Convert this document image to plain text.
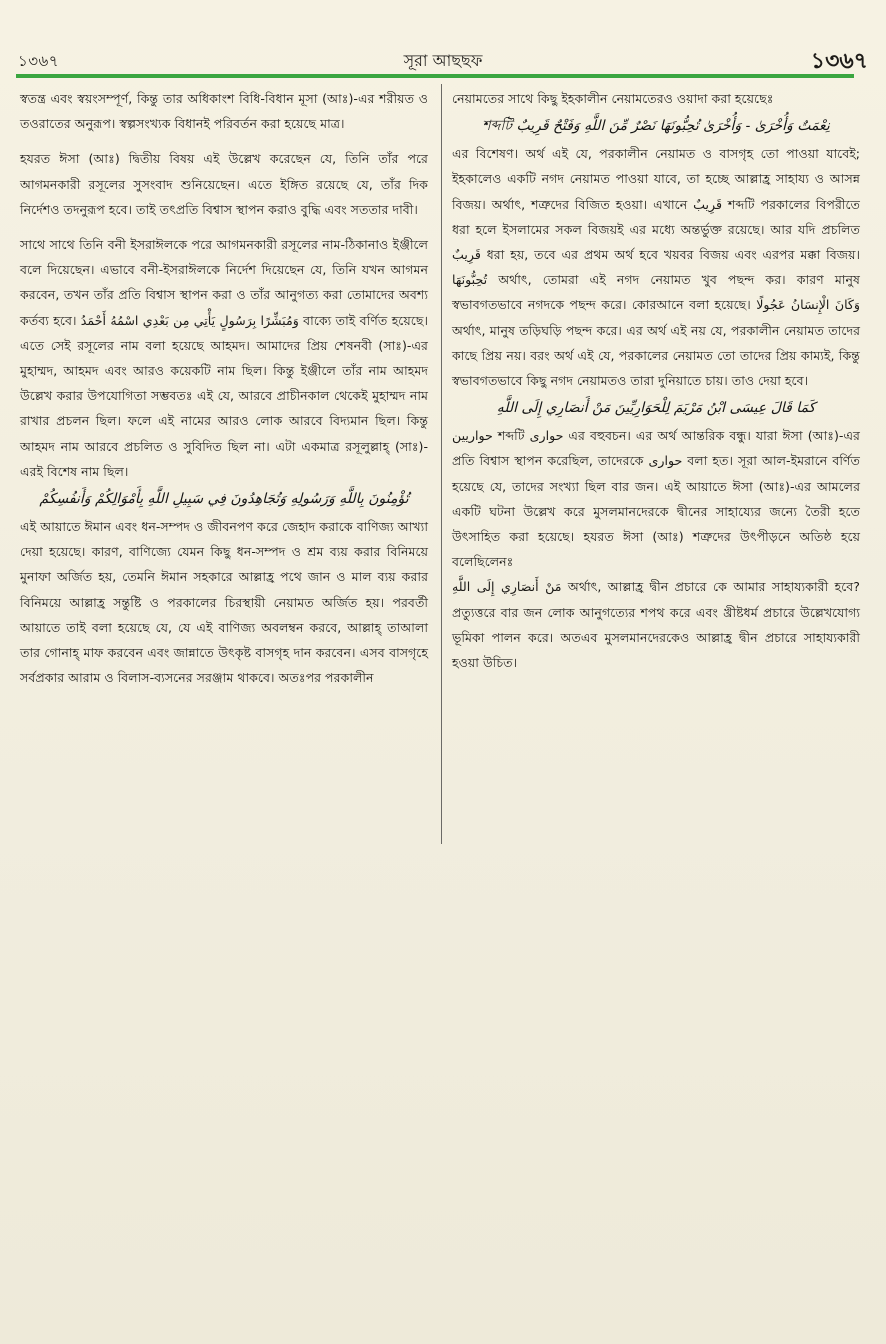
১৩৬৭	সূরা আছছফ	১৩৬৭

স্বতন্ত্র এবং স্বয়ংসম্পূর্ণ, কিন্তু তার অধিকাংশ বিধি-বিধান মূসা (আঃ)-এর শরীয়ত ও তওরাতের অনুরূপ। স্বল্পসংখ্যক বিধানই পরিবর্তন করা হয়েছে মাত্র।

হযরত ঈসা (আঃ) দ্বিতীয় বিষয় এই উল্লেখ করেছেন যে, তিনি তাঁর পরে আগমনকারী রসূলের সুসংবাদ শুনিয়েছেন। এতে ইঙ্গিত রয়েছে যে, তাঁর দিক নির্দেশও তদনুরূপ হবে। তাই তৎপ্রতি বিশ্বাস স্থাপন করাও বুদ্ধি এবং সততার দাবী।

সাথে সাথে তিনি বনী ইসরাঈলকে পরে আগমনকারী রসূলের নাম-ঠিকানাও ইঞ্জীলে বলে দিয়েছেন। এভাবে বনী-ইসরাঈলকে নির্দেশ দিয়েছেন যে, তিনি যখন আগমন করবেন, তখন তাঁর প্রতি বিশ্বাস স্থাপন করা ও তাঁর আনুগত্য করা তোমাদের অবশ্য কর্তব্য হবে। وَمُبَشِّرًا بِرَسُولٍ يَأْتِي مِن بَعْدِي اسْمُهُ أَحْمَدُ বাক্যে তাই বর্ণিত হয়েছে। এতে সেই রসূলের নাম বলা হয়েছে আহমদ। আমাদের প্রিয় শেষনবী (সাঃ)-এর মুহাম্মদ, আহমদ এবং আরও কয়েকটি নাম ছিল। কিন্তু ইঞ্জীলে তাঁর নাম আহমদ উল্লেখ করার উপযোগিতা সম্ভবতঃ এই যে, আরবে প্রাচীনকাল থেকেই মুহাম্মদ নাম রাখার প্রচলন ছিল। ফলে এই নামের আরও লোক আরবে বিদ্যমান ছিল। কিন্তু আহমদ নাম আরবে প্রচলিত ও সুবিদিত ছিল না। এটা একমাত্র রসূলুল্লাহ্ (সাঃ)-এরই বিশেষ নাম ছিল।

تُؤْمِنُونَ بِاللَّهِ وَرَسُولِهِ وَتُجَاهِدُونَ فِي سَبِيلِ اللَّهِ بِأَمْوَالِكُمْ وَأَنفُسِكُمْ

এই আয়াতে ঈমান এবং ধন-সম্পদ ও জীবনপণ করে জেহাদ করাকে বাণিজ্য আখ্যা দেয়া হয়েছে। কারণ, বাণিজ্যে যেমন কিছু ধন-সম্পদ ও শ্রম ব্যয় করার বিনিময়ে মুনাফা অর্জিত হয়, তেমনি ঈমান সহকারে আল্লাহ্র পথে জান ও মাল ব্যয় করার বিনিময়ে আল্লাহ্র সন্তুষ্টি ও পরকালের চিরস্থায়ী নেয়ামত অর্জিত হয়। পরবর্তী আয়াতে তাই বলা হয়েছে যে, যে এই বাণিজ্য অবলম্বন করবে, আল্লাহ্ তাআলা তার গোনাহ্ মাফ করবেন এবং জান্নাতে উৎকৃষ্ট বাসগৃহ দান করবেন। এসব বাসগৃহে সর্বপ্রকার আরাম ও বিলাস-ব্যসনের সরঞ্জাম থাকবে। অতঃপর পরকালীন

নেয়ামতের সাথে কিছু ইহকালীন নেয়ামতেরও ওয়াদা করা হয়েছেঃ

نِعْمَتٌ وَأُخْرَىٰ - وَأُخْرَىٰ تُحِبُّونَهَا نَصْرٌ مِّنَ اللَّهِ وَفَتْحٌ قَرِيبٌ শব্দটি

এর বিশেষণ। অর্থ এই যে, পরকালীন নেয়ামত ও বাসগৃহ তো পাওয়া যাবেই; ইহকালেও একটি নগদ নেয়ামত পাওয়া যাবে, তা হচ্ছে আল্লাহ্র সাহায্য ও আসন্ন বিজয়। অর্থাৎ, শত্রুদের বিজিত হওয়া। এখানে قَرِيبٌ শব্দটি পরকালের বিপরীতে ধরা হলে ইসলামের সকল বিজয়ই এর মধ্যে অন্তর্ভুক্ত রয়েছে। আর যদি প্রচলিত قَرِيبٌ ধরা হয়, তবে এর প্রথম অর্থ হবে খয়বর বিজয় এবং এরপর মক্কা বিজয়। تُحِبُّونَهَا অর্থাৎ, তোমরা এই নগদ নেয়ামত খুব পছন্দ কর। কারণ মানুষ স্বভাবগতভাবে নগদকে পছন্দ করে। কোরআনে বলা হয়েছে। وَكَانَ الْإِنسَانُ عَجُولًا অর্থাৎ, মানুষ তড়িঘড়ি পছন্দ করে। এর অর্থ এই নয় যে, পরকালীন নেয়ামত তাদের কাছে প্রিয় নয়। বরং অর্থ এই যে, পরকালের নেয়ামত তো তাদের প্রিয় কাম্যই, কিন্তু স্বভাবগতভাবে কিছু নগদ নেয়ামতও তারা দুনিয়াতে চায়। তাও দেয়া হবে।

كَمَا قَالَ عِيسَى ابْنُ مَرْيَمَ لِلْحَوَارِيِّينَ مَنْ أَنصَارِي إِلَى اللَّهِ

حواريين শব্দটি حوارى এর বহুবচন। এর অর্থ আন্তরিক বন্ধু। যারা ঈসা (আঃ)-এর প্রতি বিশ্বাস স্থাপন করেছিল, তাদেরকে حوارى বলা হত। সূরা আল-ইমরানে বর্ণিত হয়েছে যে, তাদের সংখ্যা ছিল বার জন। এই আয়াতে ঈসা (আঃ)-এর আমলের একটি ঘটনা উল্লেখ করে মুসলমানদেরকে দ্বীনের সাহায্যের জন্যে তৈরী হতে উৎসাহিত করা হয়েছে। হযরত ঈসা (আঃ) শত্রুদের উৎপীড়নে অতিষ্ঠ হয়ে বলেছিলেনঃ

مَنْ أَنصَارِي إِلَى اللَّهِ অর্থাৎ, আল্লাহ্র দ্বীন প্রচারে কে আমার সাহায্যকারী হবে? প্রত্যুত্তরে বার জন লোক আনুগত্যের শপথ করে এবং খ্রীষ্টধর্ম প্রচারে উল্লেখযোগ্য ভূমিকা পালন করে। অতএব মুসলমানদেরকেও আল্লাহ্র দ্বীন প্রচারে সাহায্যকারী হওয়া উচিত।
